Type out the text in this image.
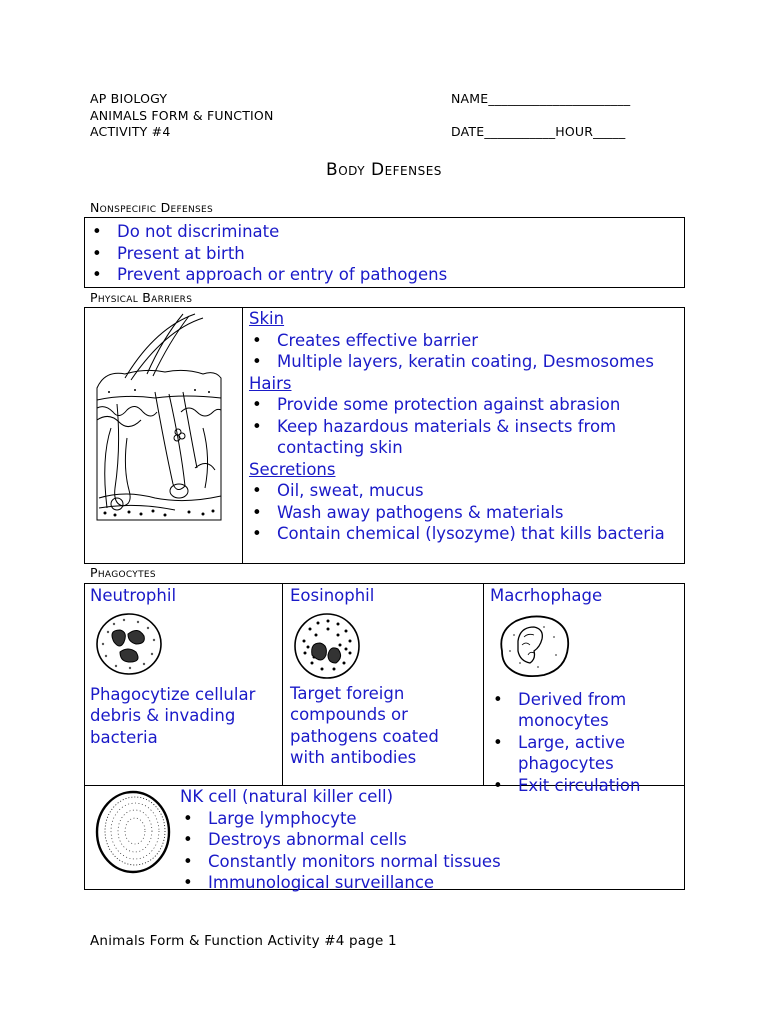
AP BIOLOGY
ANIMALS FORM & FUNCTION
ACTIVITY #4
NAME______________________
DATE___________HOUR_____
Body Defenses
Nonspecific Defenses
• Do not discriminate
• Present at birth
• Prevent approach or entry of pathogens
Physical Barriers
Skin
• Creates effective barrier
• Multiple layers, keratin coating, Desmosomes
Hairs
• Provide some protection against abrasion
• Keep hazardous materials & insects from contacting skin
Secretions
• Oil, sweat, mucus
• Wash away pathogens & materials
• Contain chemical (lysozyme) that kills bacteria
Phagocytes
Neutrophil
Phagocytize cellular debris & invading bacteria
Eosinophil
Target foreign compounds or pathogens coated with antibodies
Macrhophage
• Derived from monocytes
• Large, active phagocytes
• Exit circulation
NK cell (natural killer cell)
• Large lymphocyte
• Destroys abnormal cells
• Constantly monitors normal tissues
• Immunological surveillance
Animals Form & Function Activity #4 page 1
